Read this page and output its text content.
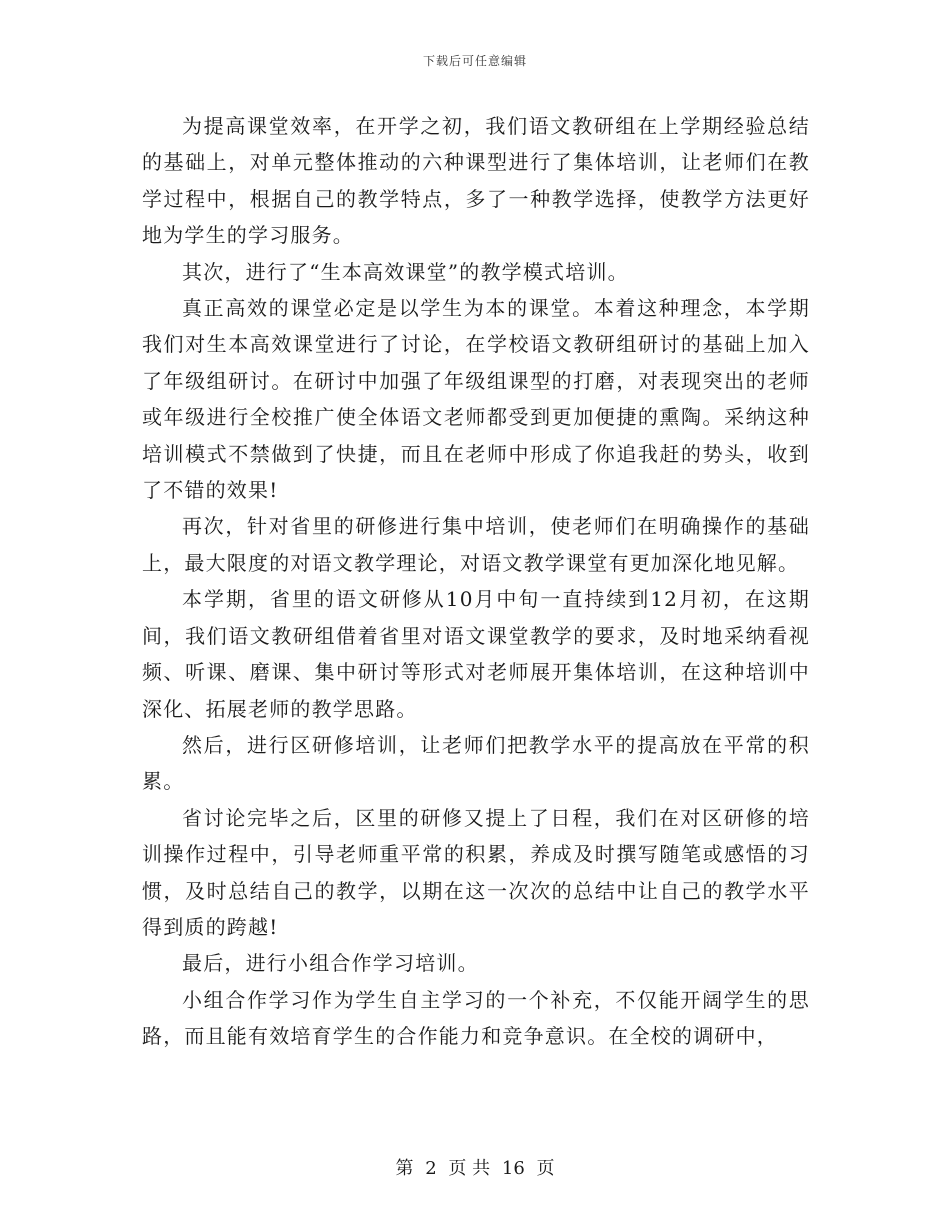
下载后可任意编辑

为提高课堂效率，在开学之初，我们语文教研组在上学期经验总结的基础上，对单元整体推动的六种课型进行了集体培训，让老师们在教学过程中，根据自己的教学特点，多了一种教学选择，使教学方法更好地为学生的学习服务。

其次，进行了“生本高效课堂”的教学模式培训。

真正高效的课堂必定是以学生为本的课堂。本着这种理念，本学期我们对生本高效课堂进行了讨论，在学校语文教研组研讨的基础上加入了年级组研讨。在研讨中加强了年级组课型的打磨，对表现突出的老师或年级进行全校推广使全体语文老师都受到更加便捷的熏陶。采纳这种培训模式不禁做到了快捷，而且在老师中形成了你追我赶的势头，收到了不错的效果!

再次，针对省里的研修进行集中培训，使老师们在明确操作的基础上，最大限度的对语文教学理论，对语文教学课堂有更加深化地见解。

本学期，省里的语文研修从10月中旬一直持续到12月初，在这期间，我们语文教研组借着省里对语文课堂教学的要求，及时地采纳看视频、听课、磨课、集中研讨等形式对老师展开集体培训，在这种培训中深化、拓展老师的教学思路。

然后，进行区研修培训，让老师们把教学水平的提高放在平常的积累。

省讨论完毕之后，区里的研修又提上了日程，我们在对区研修的培训操作过程中，引导老师重平常的积累，养成及时撰写随笔或感悟的习惯，及时总结自己的教学，以期在这一次次的总结中让自己的教学水平得到质的跨越!

最后，进行小组合作学习培训。

小组合作学习作为学生自主学习的一个补充，不仅能开阔学生的思路，而且能有效培育学生的合作能力和竞争意识。在全校的调研中，

第 2 页 共 16 页
